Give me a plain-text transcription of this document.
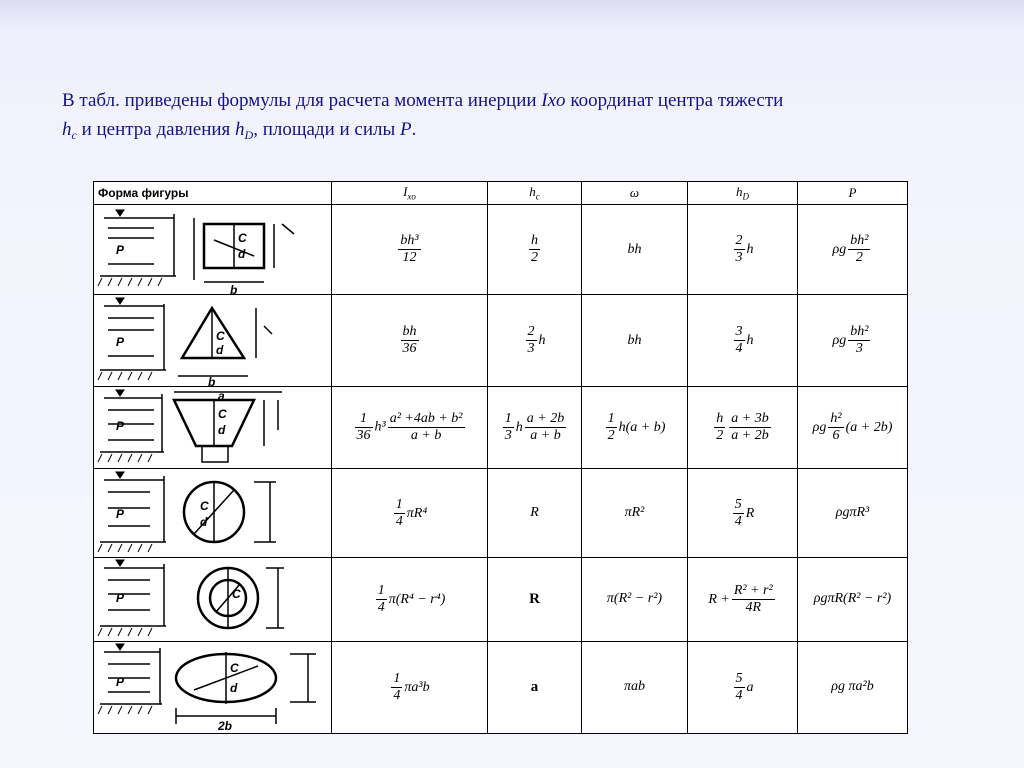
В табл. приведены формулы для расчета момента инерции Ixo координат центра тяжести
$h_c$ и центра давления $h_D$, площади и силы P.
Форма фигуры	$I_{xo}$	$h_c$	ω	$h_D$	P

P
C
d
b	$\frac{\text{bh³}}{12}$	$\frac{h}{2}$	bh	$\frac{2}{3}$ h	ρg $\frac{\text{bh²}}{2}$

P C
d
b	$\frac{bh}{36}$	$\frac{2}{3}$ h	bh	$\frac{3}{4}$ h	ρg $\frac{\text{bh²}}{3}$

P
C
d
a	$\frac{1}{36} h^3 \frac{\text{a² +4ab + b²}}{a + b}$	$\frac{1}{3}$ h $\frac{a + 2b}{a + b}$	$\frac{1}{2} h(a + b)$	$\frac{h}{2} \frac{a + 3b}{a + 2b}$	ρg $\frac{\text{h²}}{6} (a + 2b)$

P
C
d	$\frac{1}{4} \pi R^4$	R	πR²	$\frac{5}{4}$ R	ρgπR³

P C	$\frac{1}{4} \pi(R^4 - r^4)$	R	π(R² − r²)	$R + \frac{\text{R² + r²}}{4R}$	ρgπR(R² − r²)

P
C
d
2b	$\frac{1}{4} \pi a^3b$	a	πab	$\frac{5}{4}$ a	ρg πa²b
